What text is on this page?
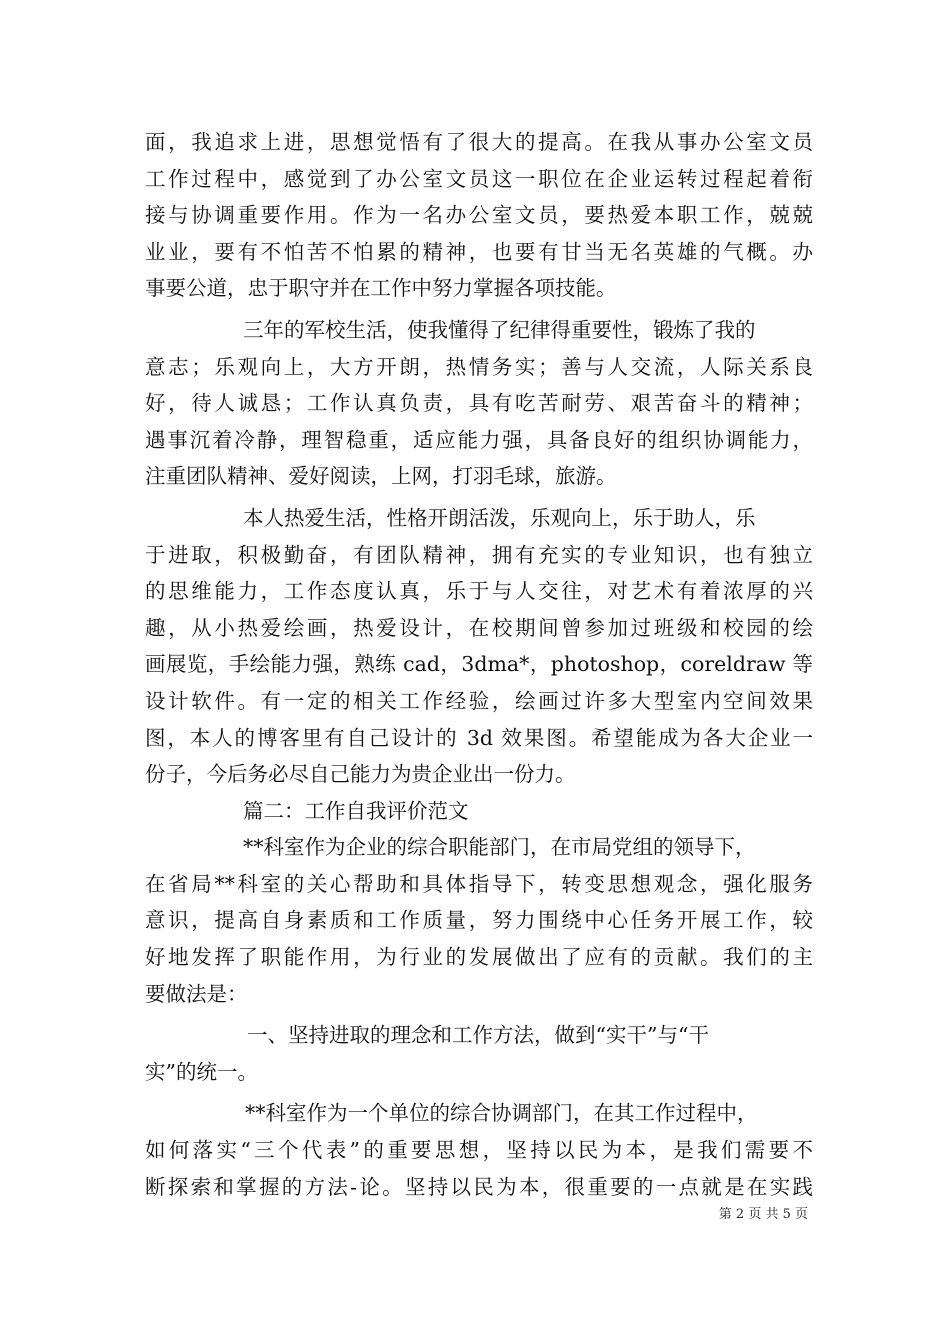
面，我追求上进，思想觉悟有了很大的提高。在我从事办公室文员
工作过程中，感觉到了办公室文员这一职位在企业运转过程起着衔
接与协调重要作用。作为一名办公室文员，要热爱本职工作，兢兢
业业，要有不怕苦不怕累的精神，也要有甘当无名英雄的气概。办
事要公道，忠于职守并在工作中努力掌握各项技能。
三年的军校生活，使我懂得了纪律得重要性，锻炼了我的
意志；乐观向上，大方开朗，热情务实；善与人交流，人际关系良
好，待人诚恳；工作认真负责，具有吃苦耐劳、艰苦奋斗的精神；
遇事沉着冷静，理智稳重，适应能力强，具备良好的组织协调能力，
注重团队精神、爱好阅读，上网，打羽毛球，旅游。
本人热爱生活，性格开朗活泼，乐观向上，乐于助人，乐
于进取，积极勤奋，有团队精神，拥有充实的专业知识，也有独立
的思维能力，工作态度认真，乐于与人交往，对艺术有着浓厚的兴
趣，从小热爱绘画，热爱设计，在校期间曾参加过班级和校园的绘
画展览，手绘能力强，熟练 cad，3dma*，photoshop，coreldraw 等
设计软件。有一定的相关工作经验，绘画过许多大型室内空间效果
图，本人的博客里有自己设计的 3d 效果图。希望能成为各大企业一
份子，今后务必尽自己能力为贵企业出一份力。
篇二：工作自我评价范文
**科室作为企业的综合职能部门，在市局党组的领导下，
在省局**科室的关心帮助和具体指导下，转变思想观念，强化服务
意识，提高自身素质和工作质量，努力围绕中心任务开展工作，较
好地发挥了职能作用，为行业的发展做出了应有的贡献。我们的主
要做法是：
一、坚持进取的理念和工作方法，做到“实干”与“干
实”的统一。
**科室作为一个单位的综合协调部门，在其工作过程中，
如何落实“三个代表”的重要思想，坚持以民为本，是我们需要不
断探索和掌握的方法-论。坚持以民为本，很重要的一点就是在实践
第 2 页 共 5 页
